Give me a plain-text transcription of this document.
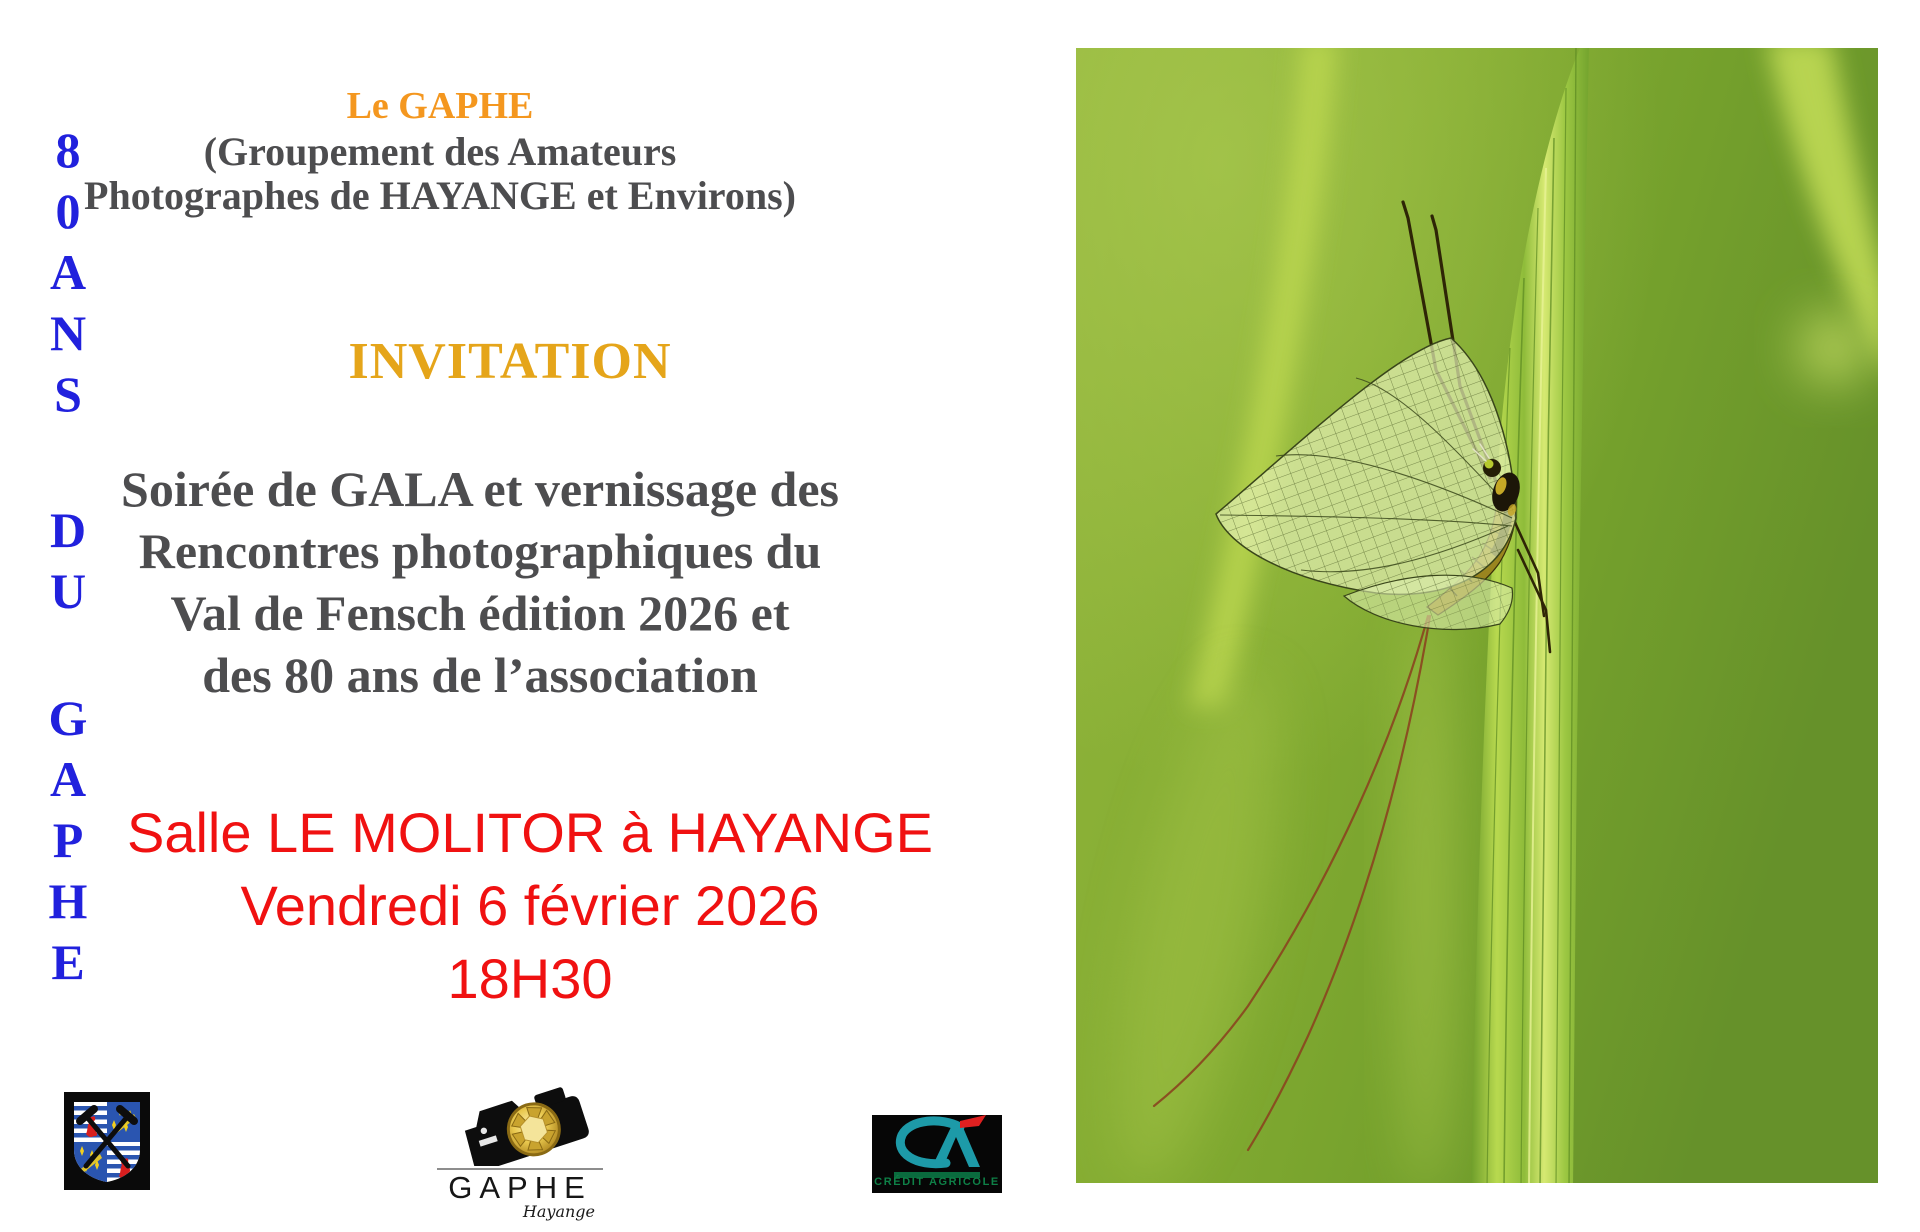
8
0
A
N
S
D
U
G
A
P
H
E
Le GAPHE
(Groupement des Amateurs
Photographes de HAYANGE et Environs)
INVITATION
Soirée de GALA et vernissage des
Rencontres photographiques du
Val de Fensch édition 2026 et
des 80 ans de l’association
Salle LE MOLITOR à HAYANGE
Vendredi 6 février 2026
18H30
GAPHE
Hayange
CRÉDIT AGRICOLE
